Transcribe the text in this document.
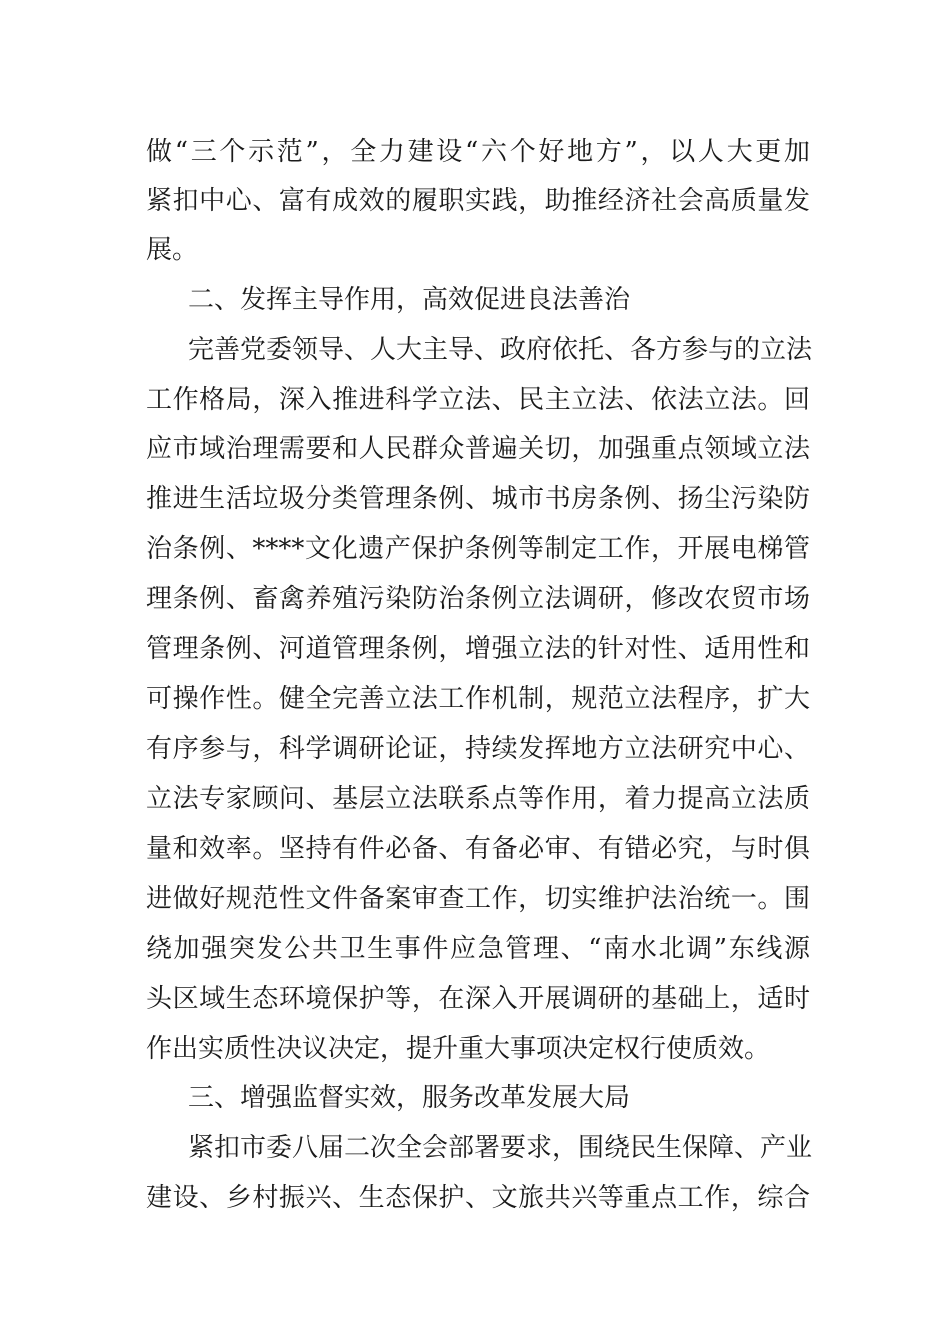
做“三个示范”，全力建设“六个好地方”，以人大更加
紧扣中心、富有成效的履职实践，助推经济社会高质量发
展。
二、发挥主导作用，高效促进良法善治
完善党委领导、人大主导、政府依托、各方参与的立法
工作格局，深入推进科学立法、民主立法、依法立法。回
应市域治理需要和人民群众普遍关切，加强重点领域立法
推进生活垃圾分类管理条例、城市书房条例、扬尘污染防
治条例、****文化遗产保护条例等制定工作，开展电梯管
理条例、畜禽养殖污染防治条例立法调研，修改农贸市场
管理条例、河道管理条例，增强立法的针对性、适用性和
可操作性。健全完善立法工作机制，规范立法程序，扩大
有序参与，科学调研论证，持续发挥地方立法研究中心、
立法专家顾问、基层立法联系点等作用，着力提高立法质
量和效率。坚持有件必备、有备必审、有错必究，与时俱
进做好规范性文件备案审查工作，切实维护法治统一。围
绕加强突发公共卫生事件应急管理、“南水北调”东线源
头区域生态环境保护等，在深入开展调研的基础上，适时
作出实质性决议决定，提升重大事项决定权行使质效。
三、增强监督实效，服务改革发展大局
紧扣市委八届二次全会部署要求，围绕民生保障、产业
建设、乡村振兴、生态保护、文旅共兴等重点工作，综合
